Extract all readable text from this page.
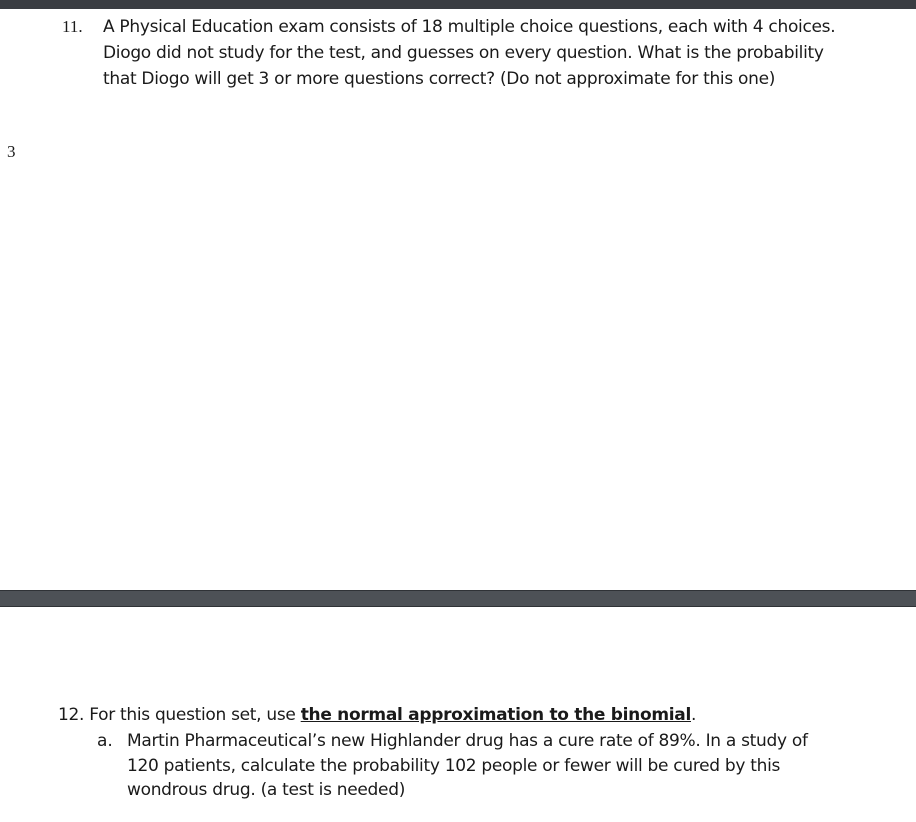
11. A Physical Education exam consists of 18 multiple choice questions, each with 4 choices.
Diogo did not study for the test, and guesses on every question. What is the probability
that Diogo will get 3 or more questions correct? (Do not approximate for this one)
3
12. For this question set, use the normal approximation to the binomial.
a. Martin Pharmaceutical’s new Highlander drug has a cure rate of 89%. In a study of
120 patients, calculate the probability 102 people or fewer will be cured by this
wondrous drug. (a test is needed)
